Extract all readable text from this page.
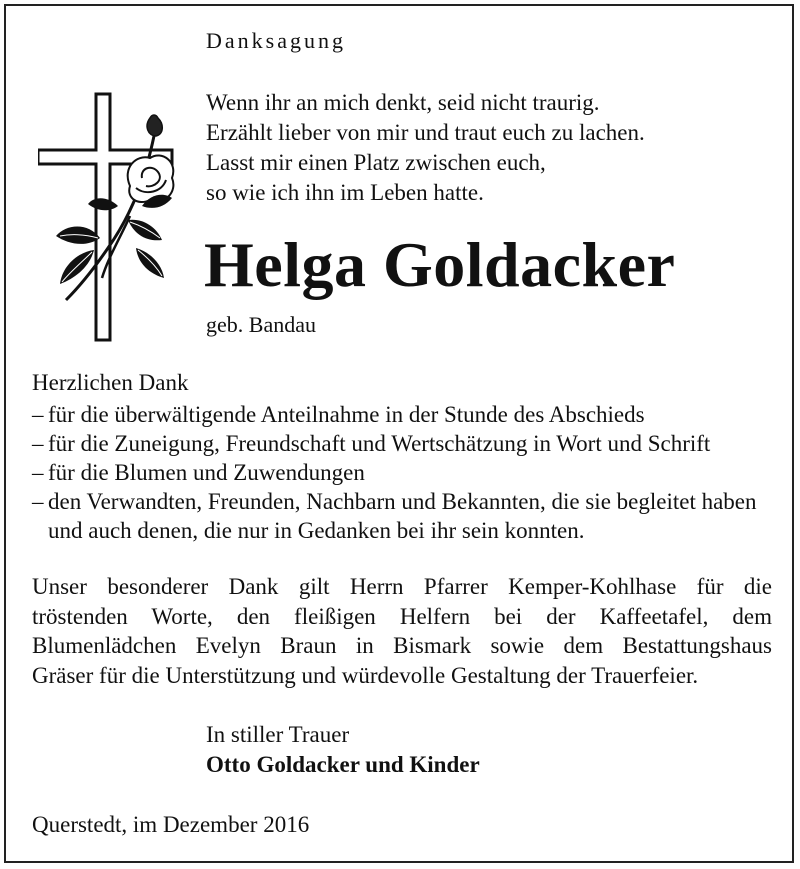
Danksagung
Wenn ihr an mich denkt, seid nicht traurig.
Erzählt lieber von mir und traut euch zu lachen.
Lasst mir einen Platz zwischen euch,
so wie ich ihn im Leben hatte.
Helga Goldacker
geb. Bandau
Herzlichen Dank
– für die überwältigende Anteilnahme in der Stunde des Abschieds
– für die Zuneigung, Freundschaft und Wertschätzung in Wort und Schrift
– für die Blumen und Zuwendungen
– den Verwandten, Freunden, Nachbarn und Bekannten, die sie begleitet haben und auch denen, die nur in Gedanken bei ihr sein konnten.
Unser besonderer Dank gilt Herrn Pfarrer Kemper-Kohlhase für die
tröstenden Worte, den fleißigen Helfern bei der Kaffeetafel, dem
Blumenlädchen Evelyn Braun in Bismark sowie dem Bestattungshaus
Gräser für die Unterstützung und würdevolle Gestaltung der Trauerfeier.
In stiller Trauer
Otto Goldacker und Kinder
Querstedt, im Dezember 2016
